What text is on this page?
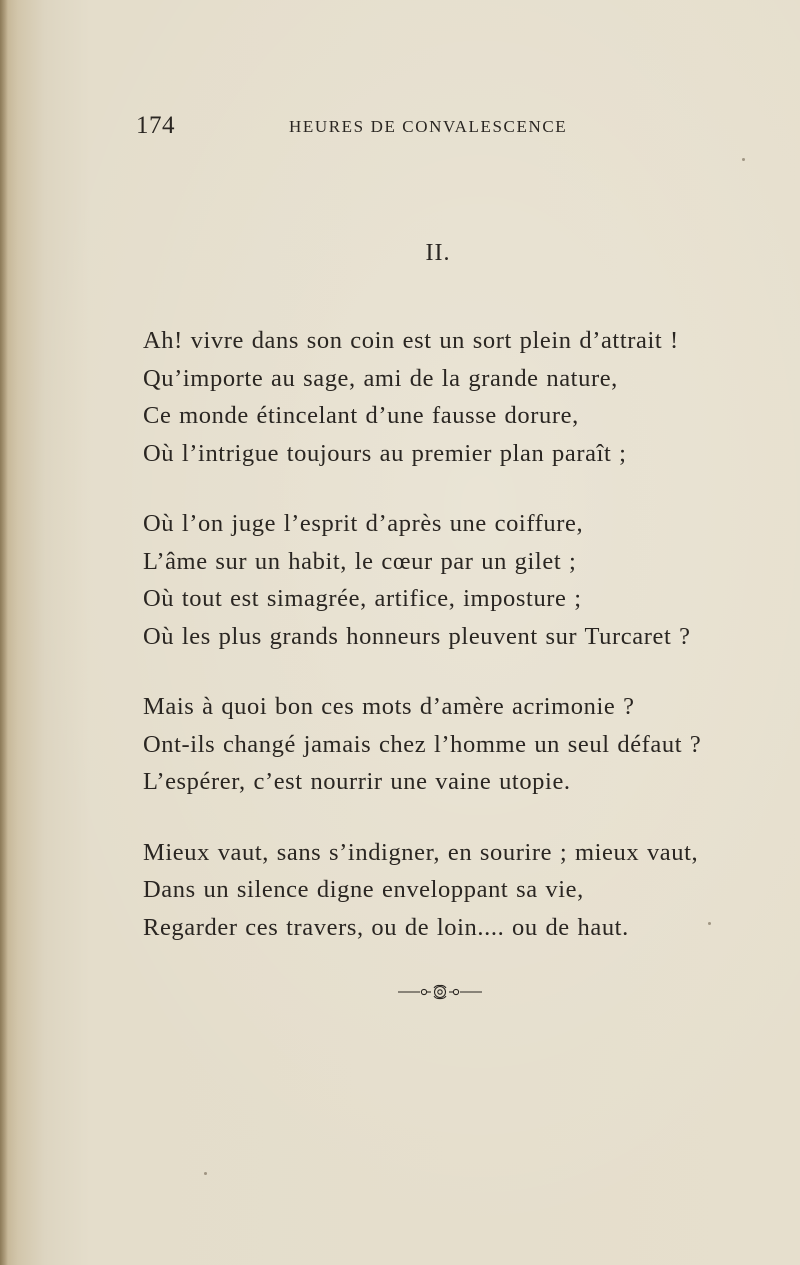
174	HEURES DE CONVALESCENCE
II.
Ah! vivre dans son coin est un sort plein d’attrait !
Qu’importe au sage, ami de la grande nature,
Ce monde étincelant d’une fausse dorure,
Où l’intrigue toujours au premier plan paraît ;
Où l’on juge l’esprit d’après une coiffure,
L’âme sur un habit, le cœur par un gilet ;
Où tout est simagrée, artifice, imposture ;
Où les plus grands honneurs pleuvent sur Turcaret ?
Mais à quoi bon ces mots d’amère acrimonie ?
Ont-ils changé jamais chez l’homme un seul défaut ?
L’espérer, c’est nourrir une vaine utopie.
Mieux vaut, sans s’indigner, en sourire ; mieux vaut,
Dans un silence digne enveloppant sa vie,
Regarder ces travers, ou de loin.... ou de haut.
